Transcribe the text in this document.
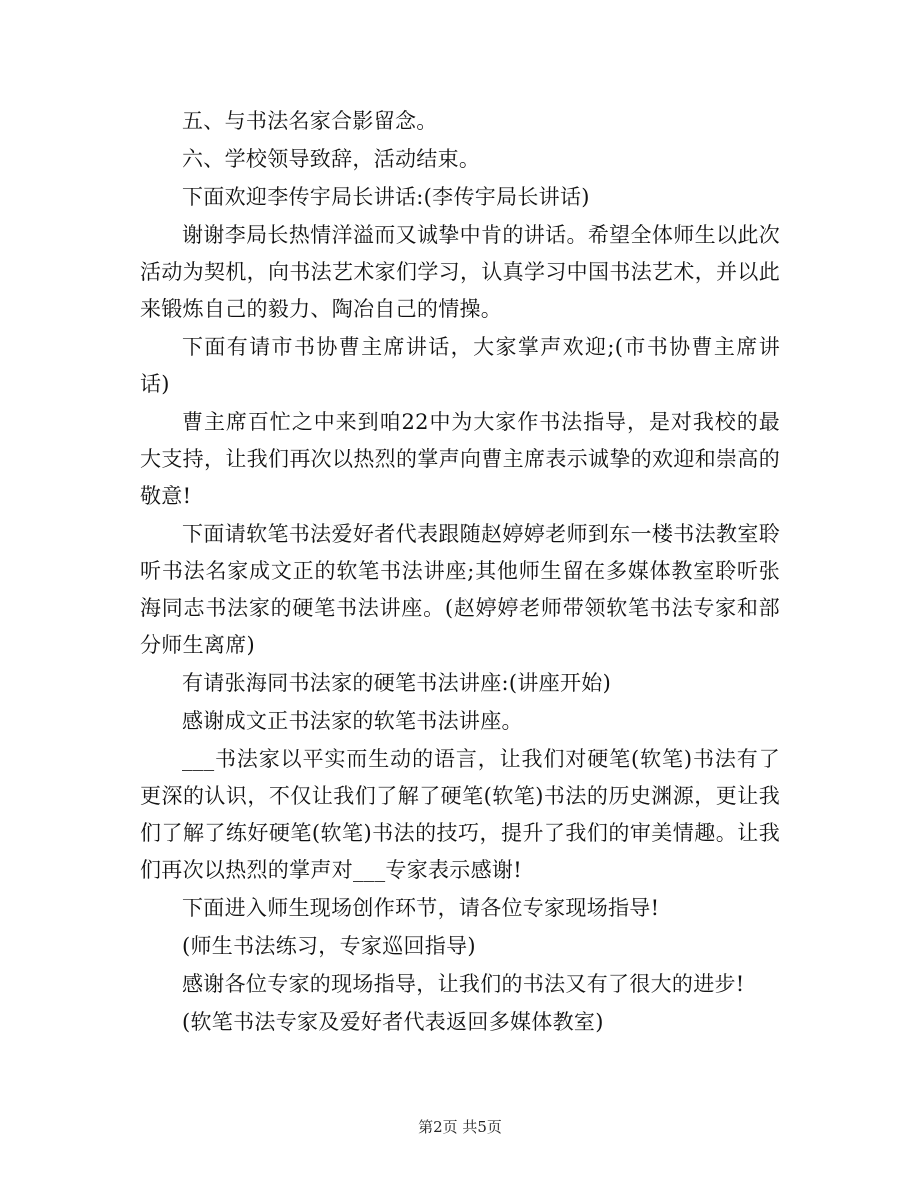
五、与书法名家合影留念。

六、学校领导致辞，活动结束。

下面欢迎李传宇局长讲话:(李传宇局长讲话)

谢谢李局长热情洋溢而又诚挚中肯的讲话。希望全体师生以此次活动为契机，向书法艺术家们学习，认真学习中国书法艺术，并以此来锻炼自己的毅力、陶冶自己的情操。

下面有请市书协曹主席讲话，大家掌声欢迎;(市书协曹主席讲话)

曹主席百忙之中来到咱22中为大家作书法指导，是对我校的最大支持，让我们再次以热烈的掌声向曹主席表示诚挚的欢迎和崇高的敬意!

下面请软笔书法爱好者代表跟随赵婷婷老师到东一楼书法教室聆听书法名家成文正的软笔书法讲座;其他师生留在多媒体教室聆听张海同志书法家的硬笔书法讲座。(赵婷婷老师带领软笔书法专家和部分师生离席)

有请张海同书法家的硬笔书法讲座:(讲座开始)

感谢成文正书法家的软笔书法讲座。

___书法家以平实而生动的语言，让我们对硬笔(软笔)书法有了更深的认识，不仅让我们了解了硬笔(软笔)书法的历史渊源，更让我们了解了练好硬笔(软笔)书法的技巧，提升了我们的审美情趣。让我们再次以热烈的掌声对___专家表示感谢!

下面进入师生现场创作环节，请各位专家现场指导!

(师生书法练习，专家巡回指导)

感谢各位专家的现场指导，让我们的书法又有了很大的进步!

(软笔书法专家及爱好者代表返回多媒体教室)

第2页 共5页
